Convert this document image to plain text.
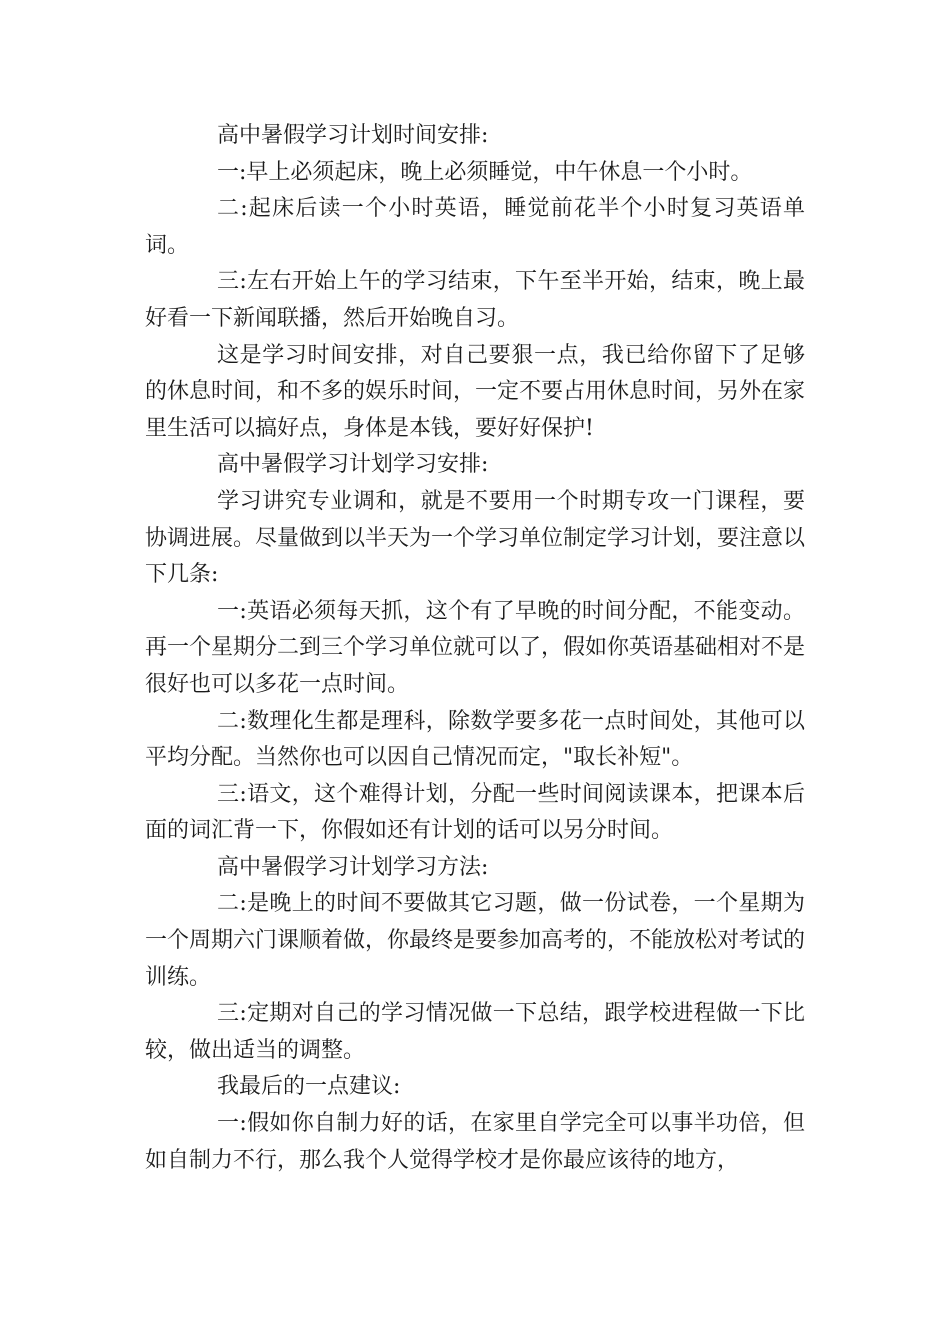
高中暑假学习计划时间安排:

一:早上必须起床，晚上必须睡觉，中午休息一个小时。

二:起床后读一个小时英语，睡觉前花半个小时复习英语单词。

三:左右开始上午的学习结束，下午至半开始，结束，晚上最好看一下新闻联播，然后开始晚自习。

这是学习时间安排，对自己要狠一点，我已给你留下了足够的休息时间，和不多的娱乐时间，一定不要占用休息时间，另外在家里生活可以搞好点，身体是本钱，要好好保护!

高中暑假学习计划学习安排:

学习讲究专业调和，就是不要用一个时期专攻一门课程，要协调进展。尽量做到以半天为一个学习单位制定学习计划，要注意以下几条:

一:英语必须每天抓，这个有了早晚的时间分配，不能变动。再一个星期分二到三个学习单位就可以了，假如你英语基础相对不是很好也可以多花一点时间。

二:数理化生都是理科，除数学要多花一点时间处，其他可以平均分配。当然你也可以因自己情况而定，"取长补短"。

三:语文，这个难得计划，分配一些时间阅读课本，把课本后面的词汇背一下，你假如还有计划的话可以另分时间。

高中暑假学习计划学习方法:

二:是晚上的时间不要做其它习题，做一份试卷，一个星期为一个周期六门课顺着做，你最终是要参加高考的，不能放松对考试的训练。

三:定期对自己的学习情况做一下总结，跟学校进程做一下比较，做出适当的调整。

我最后的一点建议:

一:假如你自制力好的话，在家里自学完全可以事半功倍，但如自制力不行，那么我个人觉得学校才是你最应该待的地方，
